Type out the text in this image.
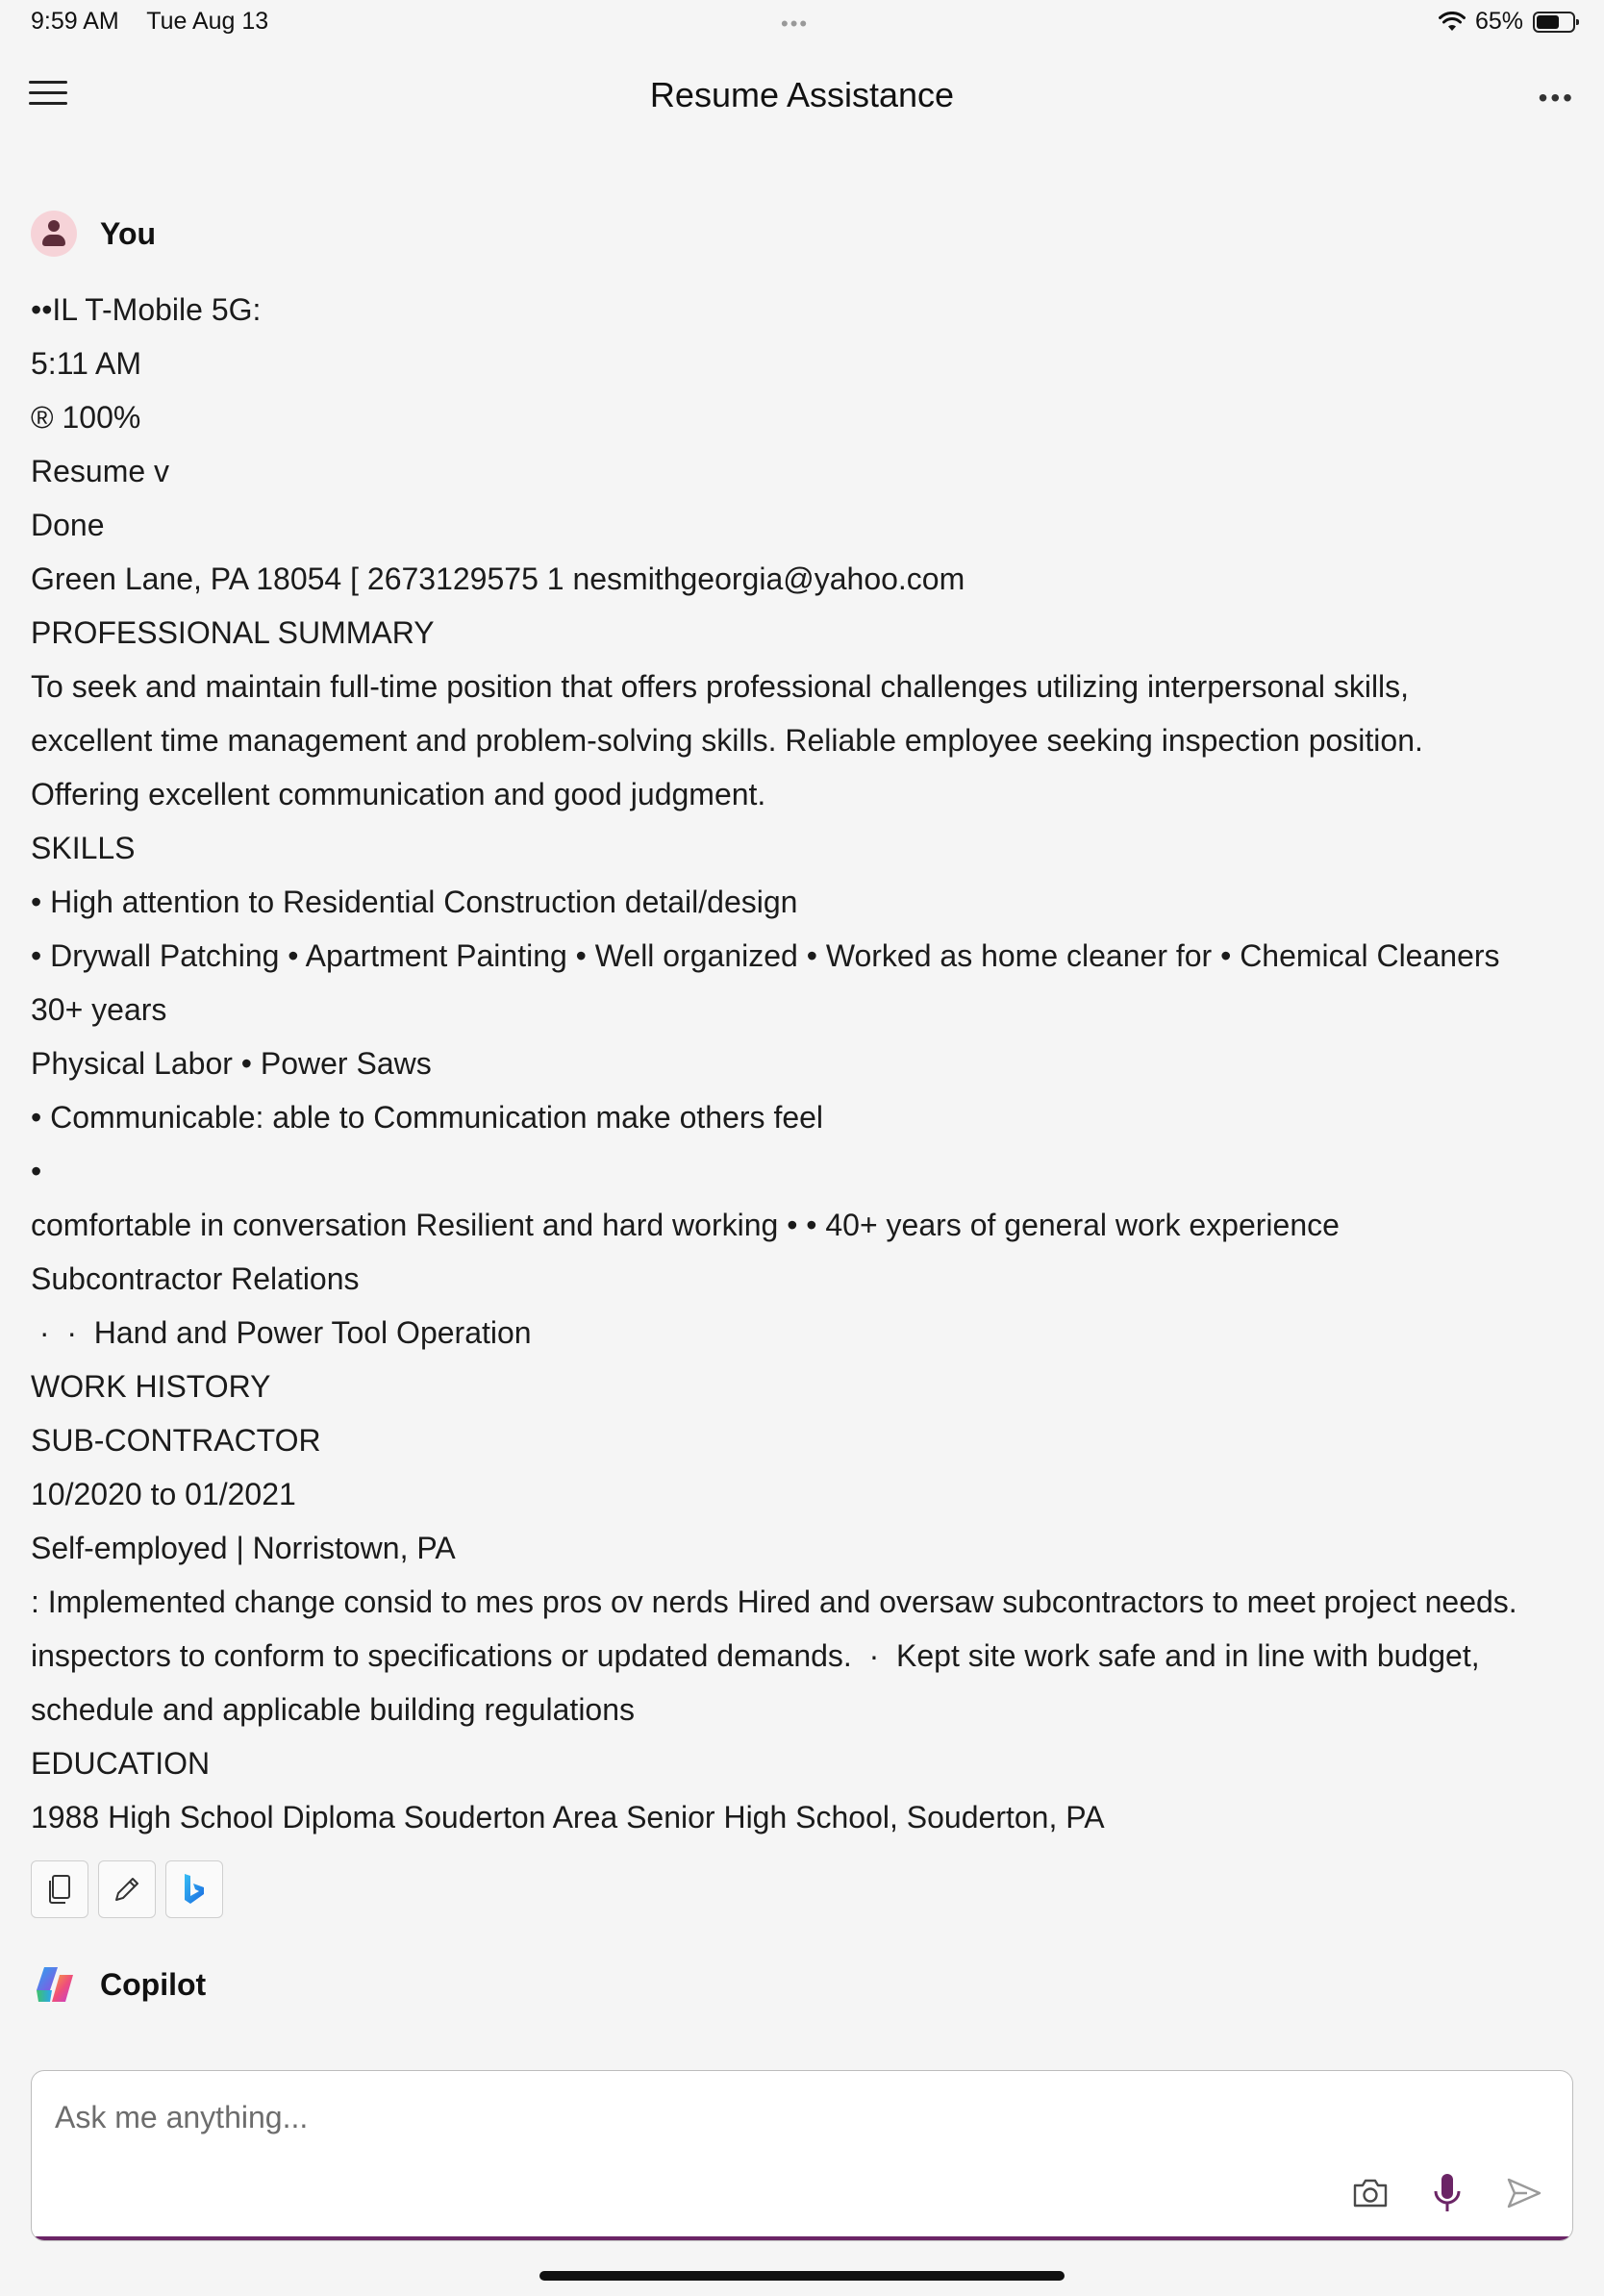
9:59 AM Tue Aug 13	•••	65%
Resume Assistance	•••
You
••IL T-Mobile 5G:
5:11 AM
® 100%
Resume v
Done
Green Lane, PA 18054 [ 2673129575 1 nesmithgeorgia@yahoo.com
PROFESSIONAL SUMMARY
To seek and maintain full-time position that offers professional challenges utilizing interpersonal skills,
excellent time management and problem-solving skills. Reliable employee seeking inspection position.
Offering excellent communication and good judgment.
SKILLS
• High attention to Residential Construction detail/design
• Drywall Patching • Apartment Painting • Well organized • Worked as home cleaner for • Chemical Cleaners
30+ years
Physical Labor • Power Saws
• Communicable: able to Communication make others feel
•
comfortable in conversation Resilient and hard working • • 40+ years of general work experience
Subcontractor Relations
·  ·  Hand and Power Tool Operation
WORK HISTORY
SUB-CONTRACTOR
10/2020 to 01/2021
Self-employed | Norristown, PA
: Implemented change consid to mes pros ov nerds Hired and oversaw subcontractors to meet project needs.
inspectors to conform to specifications or updated demands.  ·  Kept site work safe and in line with budget,
schedule and applicable building regulations
EDUCATION
1988 High School Diploma Souderton Area Senior High School, Souderton, PA
Copilot
Ask me anything...
